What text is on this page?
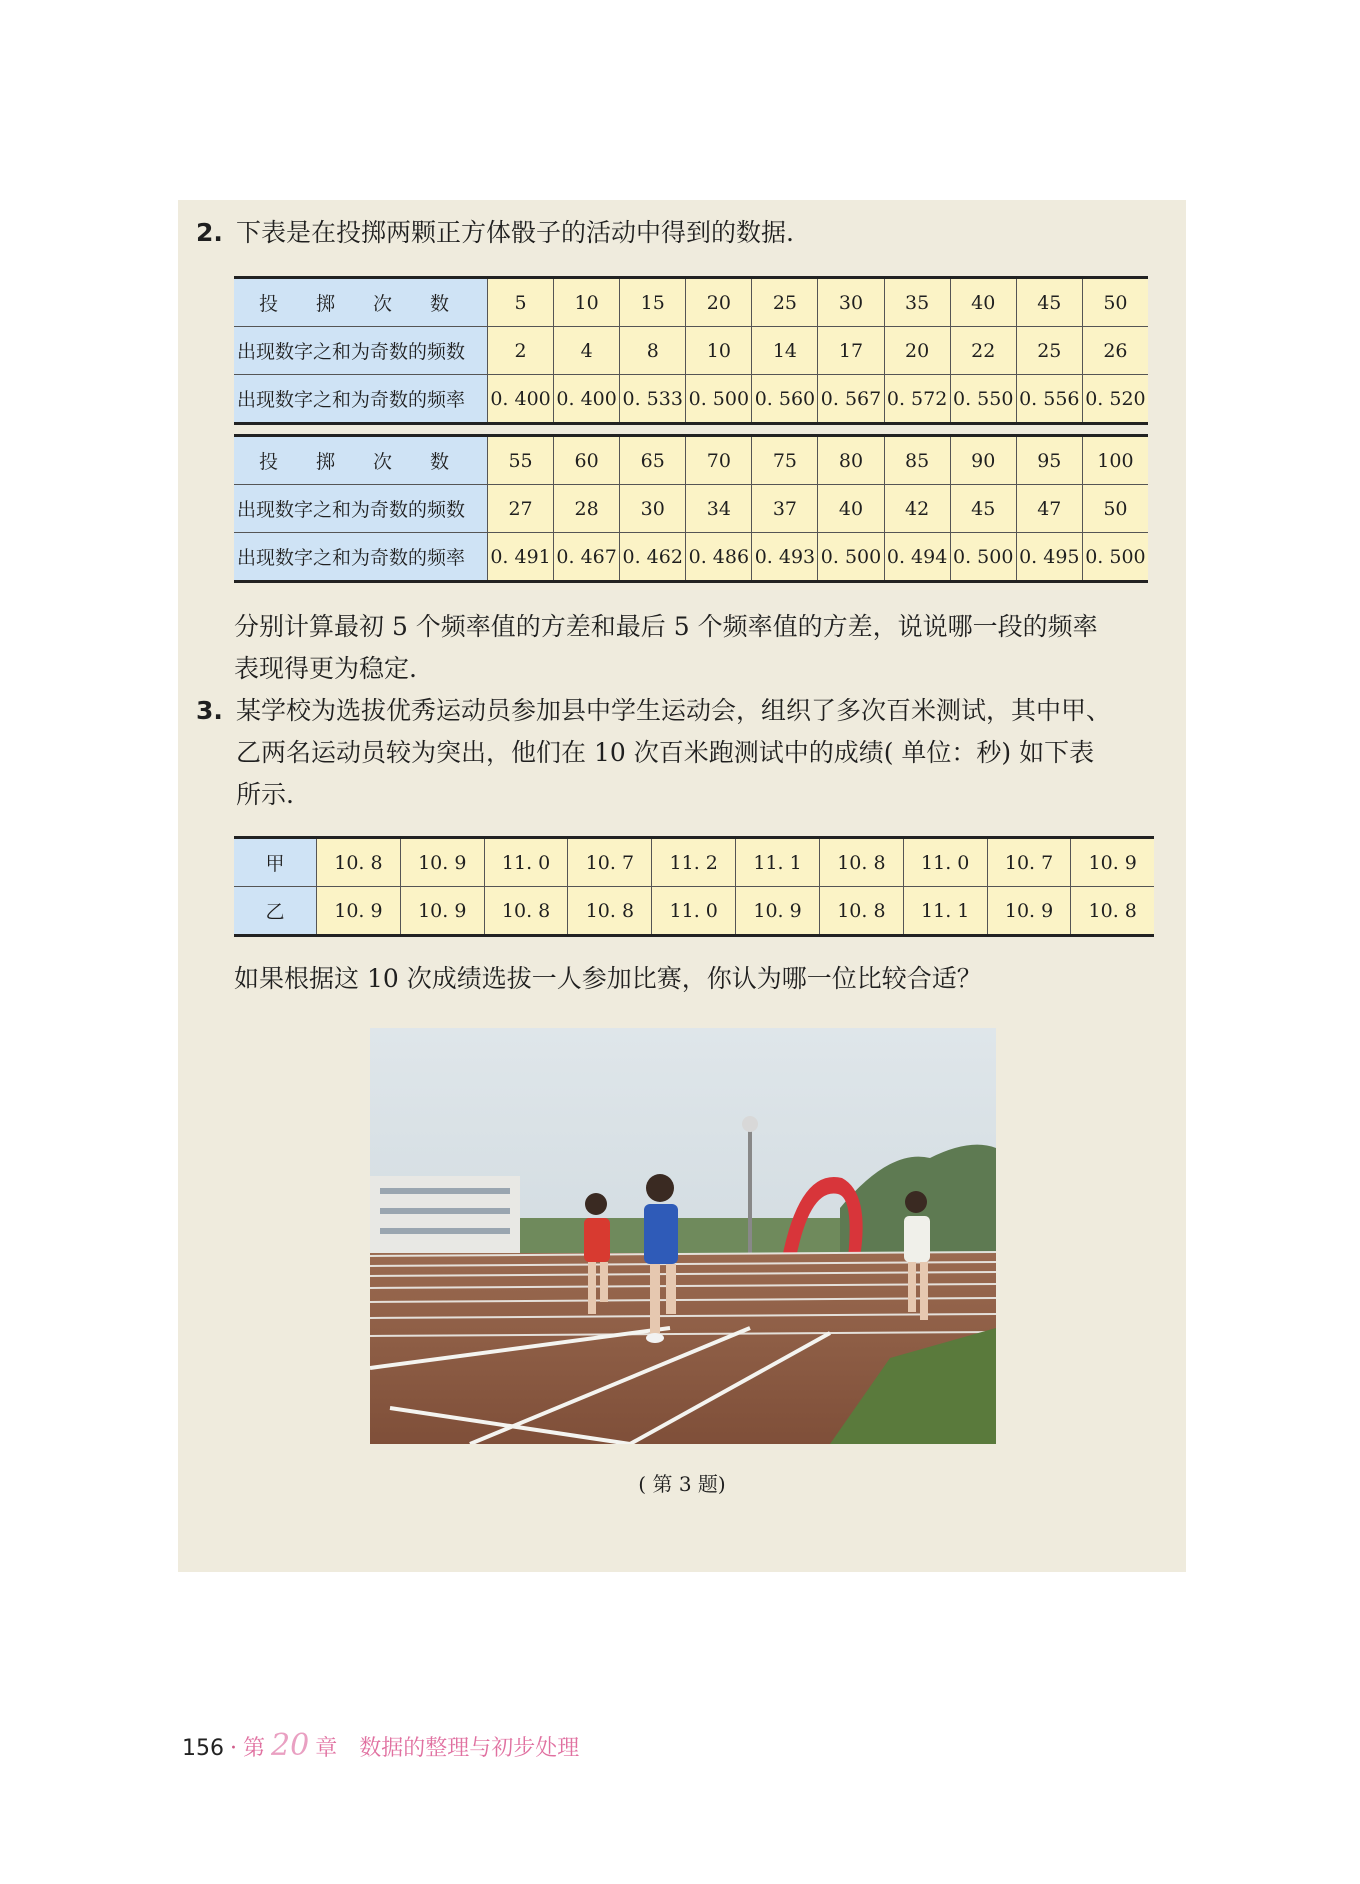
2. 下表是在投掷两颗正方体骰子的活动中得到的数据.
投 掷 次 数	5	10	15	20	25	30	35	40	45	50
出现数字之和为奇数的频数	2	4	8	10	14	17	20	22	25	26
出现数字之和为奇数的频率	0. 400	0. 400	0. 533	0. 500	0. 560	0. 567	0. 572	0. 550	0. 556	0. 520
投 掷 次 数	55	60	65	70	75	80	85	90	95	100
出现数字之和为奇数的频数	27	28	30	34	37	40	42	45	47	50
出现数字之和为奇数的频率	0. 491	0. 467	0. 462	0. 486	0. 493	0. 500	0. 494	0. 500	0. 495	0. 500
分别计算最初 5 个频率值的方差和最后 5 个频率值的方差，说说哪一段的频率
表现得更为稳定.
3. 某学校为选拔优秀运动员参加县中学生运动会，组织了多次百米测试，其中甲、
乙两名运动员较为突出，他们在 10 次百米跑测试中的成绩( 单位：秒) 如下表
所示.
甲	10. 8	10. 9	11. 0	10. 7	11. 2	11. 1	10. 8	11. 0	10. 7	10. 9
乙	10. 9	10. 9	10. 8	10. 8	11. 0	10. 9	10. 8	11. 1	10. 9	10. 8
如果根据这 10 次成绩选拔一人参加比赛，你认为哪一位比较合适？
( 第 3 题)
156 · 第 20 章 数据的整理与初步处理
